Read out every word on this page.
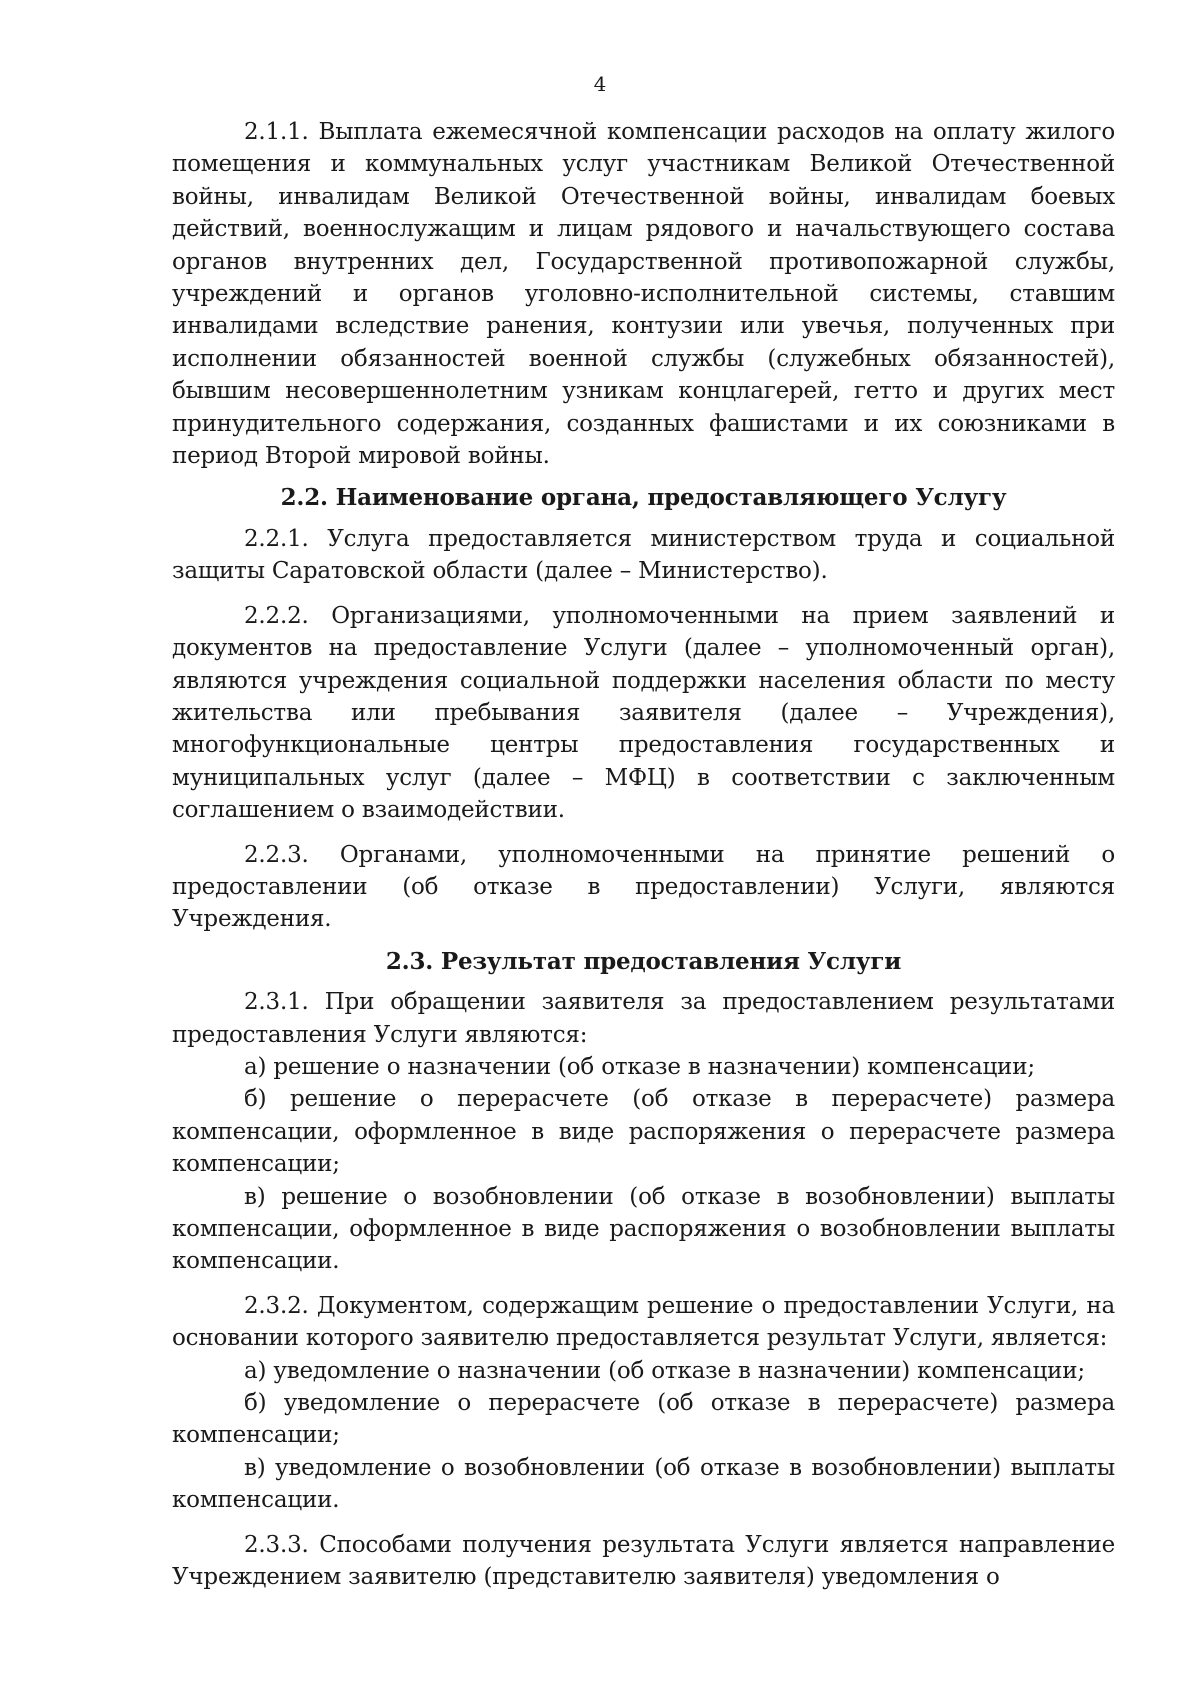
4

2.1.1. Выплата ежемесячной компенсации расходов на оплату жилого помещения и коммунальных услуг участникам Великой Отечественной войны, инвалидам Великой Отечественной войны, инвалидам боевых действий, военнослужащим и лицам рядового и начальствующего состава органов внутренних дел, Государственной противопожарной службы, учреждений и органов уголовно-исполнительной системы, ставшим инвалидами вследствие ранения, контузии или увечья, полученных при исполнении обязанностей военной службы (служебных обязанностей), бывшим несовершеннолетним узникам концлагерей, гетто и других мест принудительного содержания, созданных фашистами и их союзниками в период Второй мировой войны.

2.2. Наименование органа, предоставляющего Услугу

2.2.1. Услуга предоставляется министерством труда и социальной защиты Саратовской области (далее – Министерство).

2.2.2. Организациями, уполномоченными на прием заявлений и документов на предоставление Услуги (далее – уполномоченный орган), являются учреждения социальной поддержки населения области по месту жительства или пребывания заявителя (далее – Учреждения), многофункциональные центры предоставления государственных и муниципальных услуг (далее – МФЦ) в соответствии с заключенным соглашением о взаимодействии.

2.2.3. Органами, уполномоченными на принятие решений о предоставлении (об отказе в предоставлении) Услуги, являются Учреждения.

2.3. Результат предоставления Услуги

2.3.1. При обращении заявителя за предоставлением результатами предоставления Услуги являются:

а) решение о назначении (об отказе в назначении) компенсации;

б) решение о перерасчете (об отказе в перерасчете) размера компенсации, оформленное в виде распоряжения о перерасчете размера компенсации;

в) решение о возобновлении (об отказе в возобновлении) выплаты компенсации, оформленное в виде распоряжения о возобновлении выплаты компенсации.

2.3.2. Документом, содержащим решение о предоставлении Услуги, на основании которого заявителю предоставляется результат Услуги, является:

а) уведомление о назначении (об отказе в назначении) компенсации;

б) уведомление о перерасчете (об отказе в перерасчете) размера компенсации;

в) уведомление о возобновлении (об отказе в возобновлении) выплаты компенсации.

2.3.3. Способами получения результата Услуги является направление Учреждением заявителю (представителю заявителя) уведомления о
